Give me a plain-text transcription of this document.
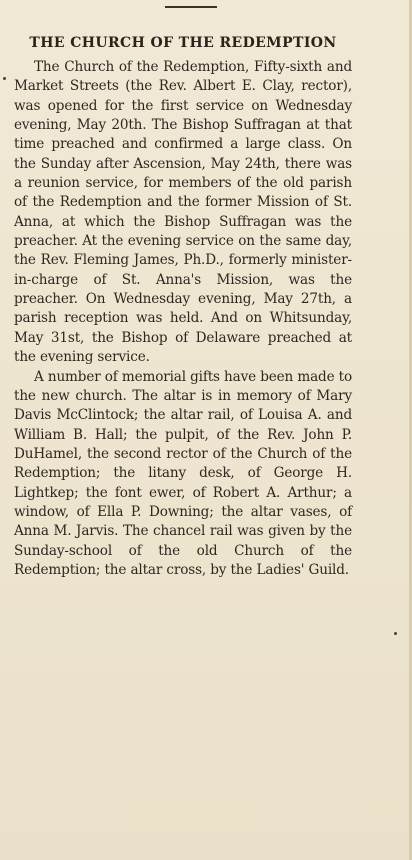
THE CHURCH OF THE REDEMPTION

The Church of the Redemption, Fifty-sixth and Market Streets (the Rev. Albert E. Clay, rector), was opened for the first service on Wednesday evening, May 20th. The Bishop Suffragan at that time preached and confirmed a large class. On the Sunday after Ascension, May 24th, there was a reunion service, for members of the old parish of the Redemption and the former Mission of St. Anna, at which the Bishop Suffragan was the preacher. At the evening service on the same day, the Rev. Fleming James, Ph.D., formerly minister-in-charge of St. Anna's Mission, was the preacher. On Wednesday evening, May 27th, a parish reception was held. And on Whitsunday, May 31st, the Bishop of Delaware preached at the evening service.

A number of memorial gifts have been made to the new church. The altar is in memory of Mary Davis McClintock; the altar rail, of Louisa A. and William B. Hall; the pulpit, of the Rev. John P. DuHamel, the second rector of the Church of the Redemption; the litany desk, of George H. Lightkep; the font ewer, of Robert A. Arthur; a window, of Ella P. Downing; the altar vases, of Anna M. Jarvis. The chancel rail was given by the Sunday-school of the old Church of the Redemption; the altar cross, by the Ladies' Guild.
